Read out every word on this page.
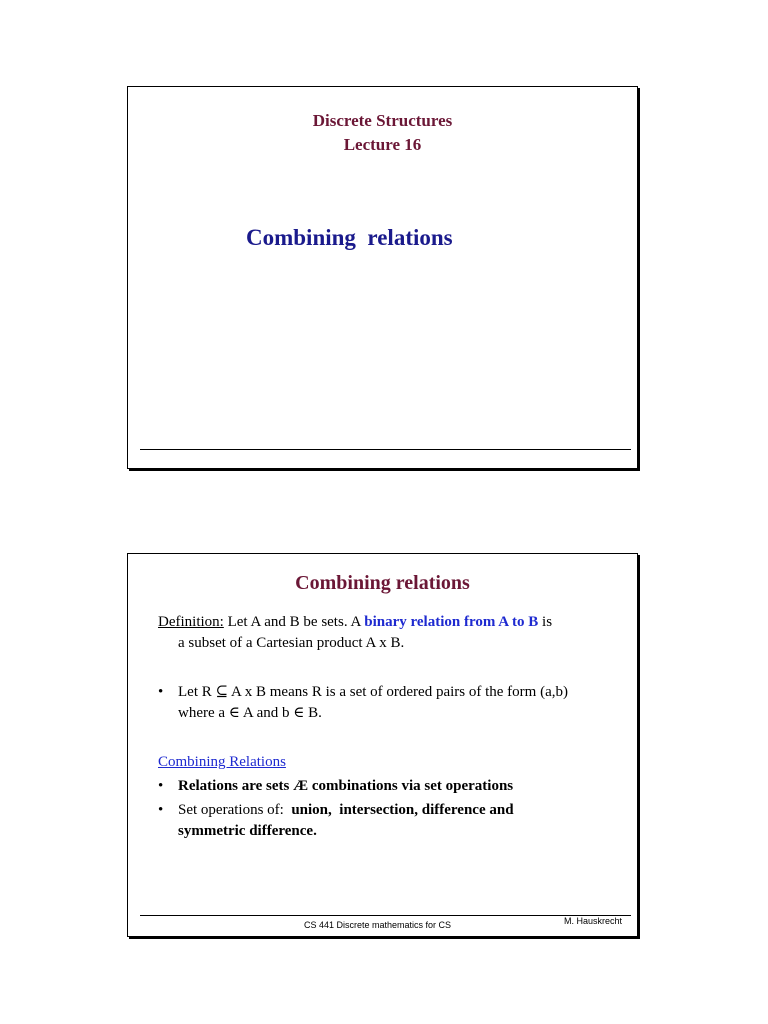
Discrete Structures
Lecture 16
Combining  relations
Combining relations
Definition: Let A and B be sets. A binary relation from A to B is
a subset of a Cartesian product A x B.
• Let R ⊆ A x B means R is a set of ordered pairs of the form (a,b)
where a ∈ A and b ∈ B.
Combining Relations
• Relations are sets Æ combinations via set operations
• Set operations of:  union,  intersection, difference and
symmetric difference.
CS 441 Discrete mathematics for CS	M. Hauskrecht
